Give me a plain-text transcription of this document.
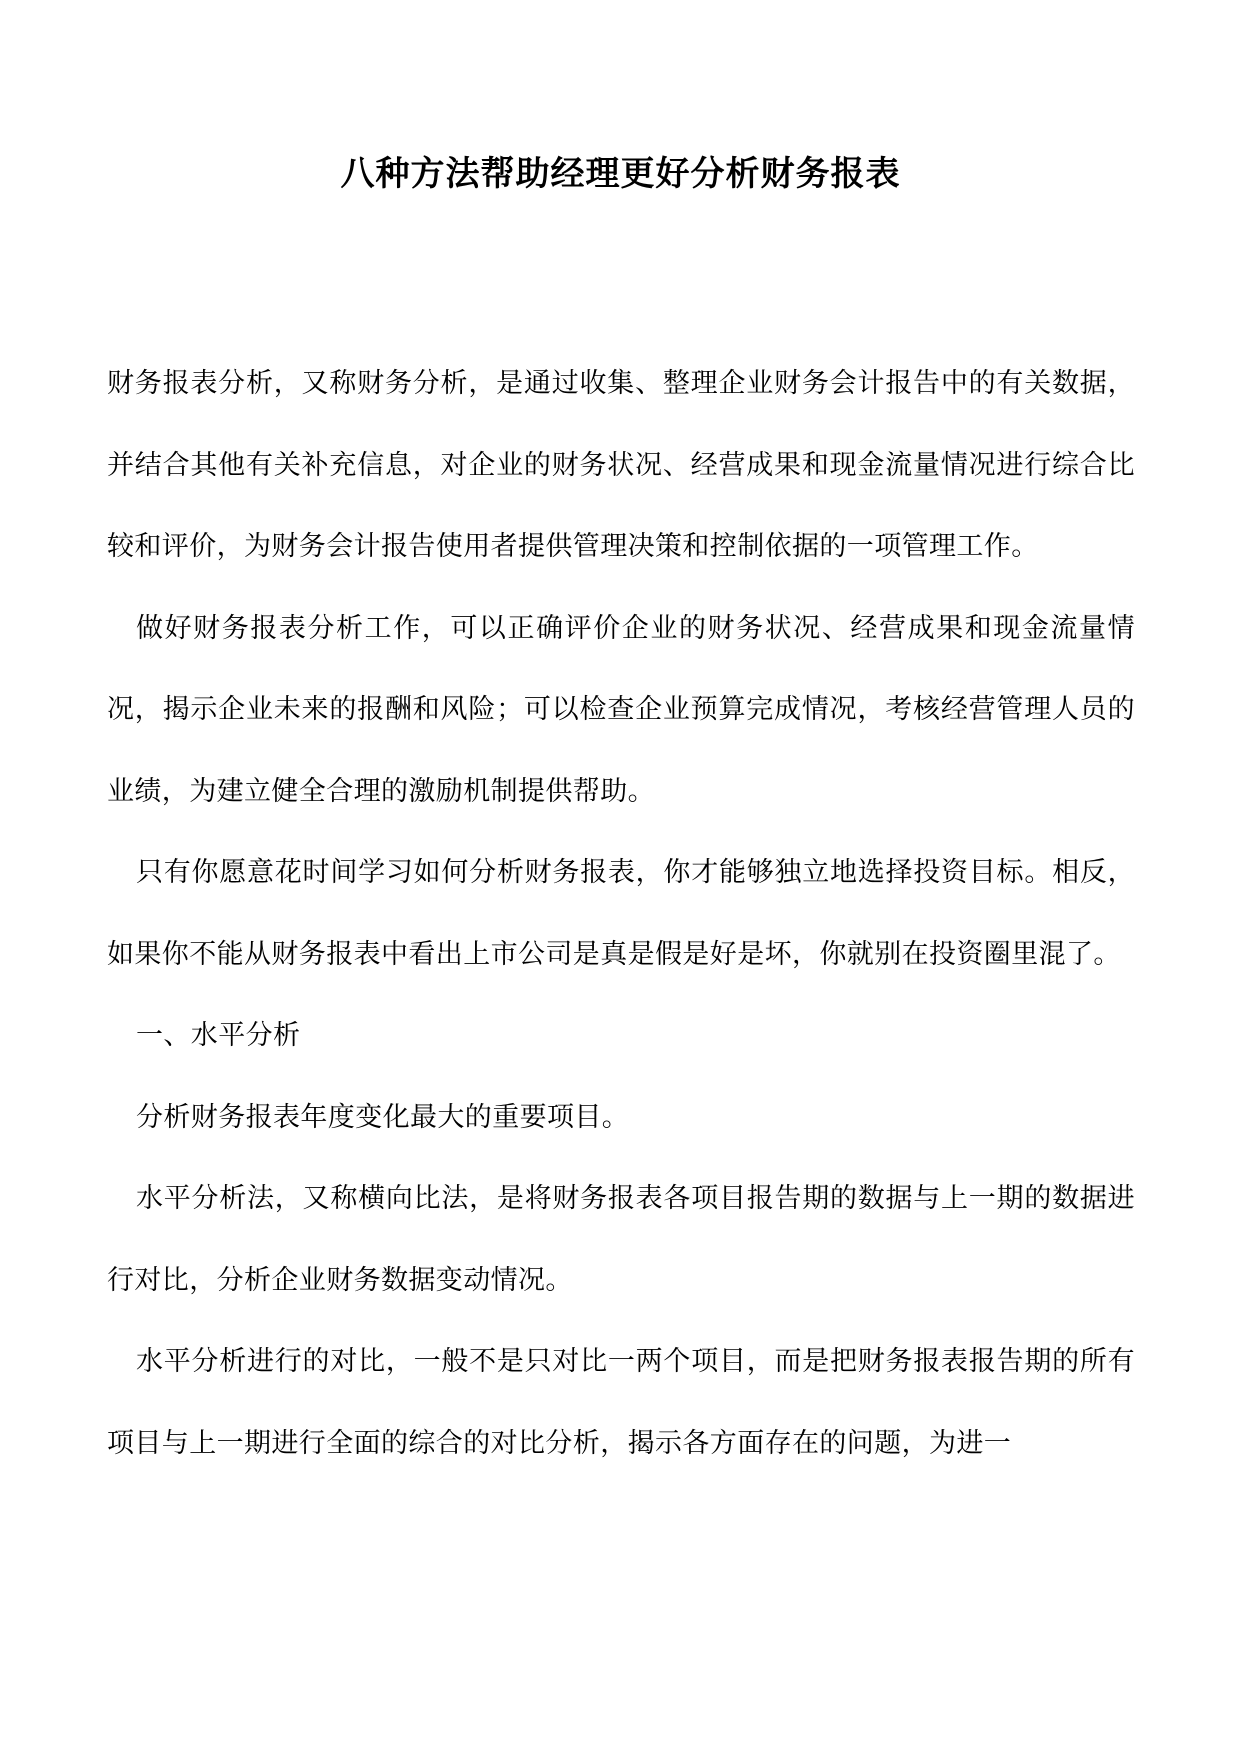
八种方法帮助经理更好分析财务报表

财务报表分析，又称财务分析，是通过收集、整理企业财务会计报告中的有关数据，并结合其他有关补充信息，对企业的财务状况、经营成果和现金流量情况进行综合比较和评价，为财务会计报告使用者提供管理决策和控制依据的一项管理工作。

做好财务报表分析工作，可以正确评价企业的财务状况、经营成果和现金流量情况，揭示企业未来的报酬和风险；可以检查企业预算完成情况，考核经营管理人员的业绩，为建立健全合理的激励机制提供帮助。

只有你愿意花时间学习如何分析财务报表，你才能够独立地选择投资目标。相反，如果你不能从财务报表中看出上市公司是真是假是好是坏，你就别在投资圈里混了。

一、水平分析

分析财务报表年度变化最大的重要项目。

水平分析法，又称横向比法，是将财务报表各项目报告期的数据与上一期的数据进行对比，分析企业财务数据变动情况。

水平分析进行的对比，一般不是只对比一两个项目，而是把财务报表报告期的所有项目与上一期进行全面的综合的对比分析，揭示各方面存在的问题，为进一
